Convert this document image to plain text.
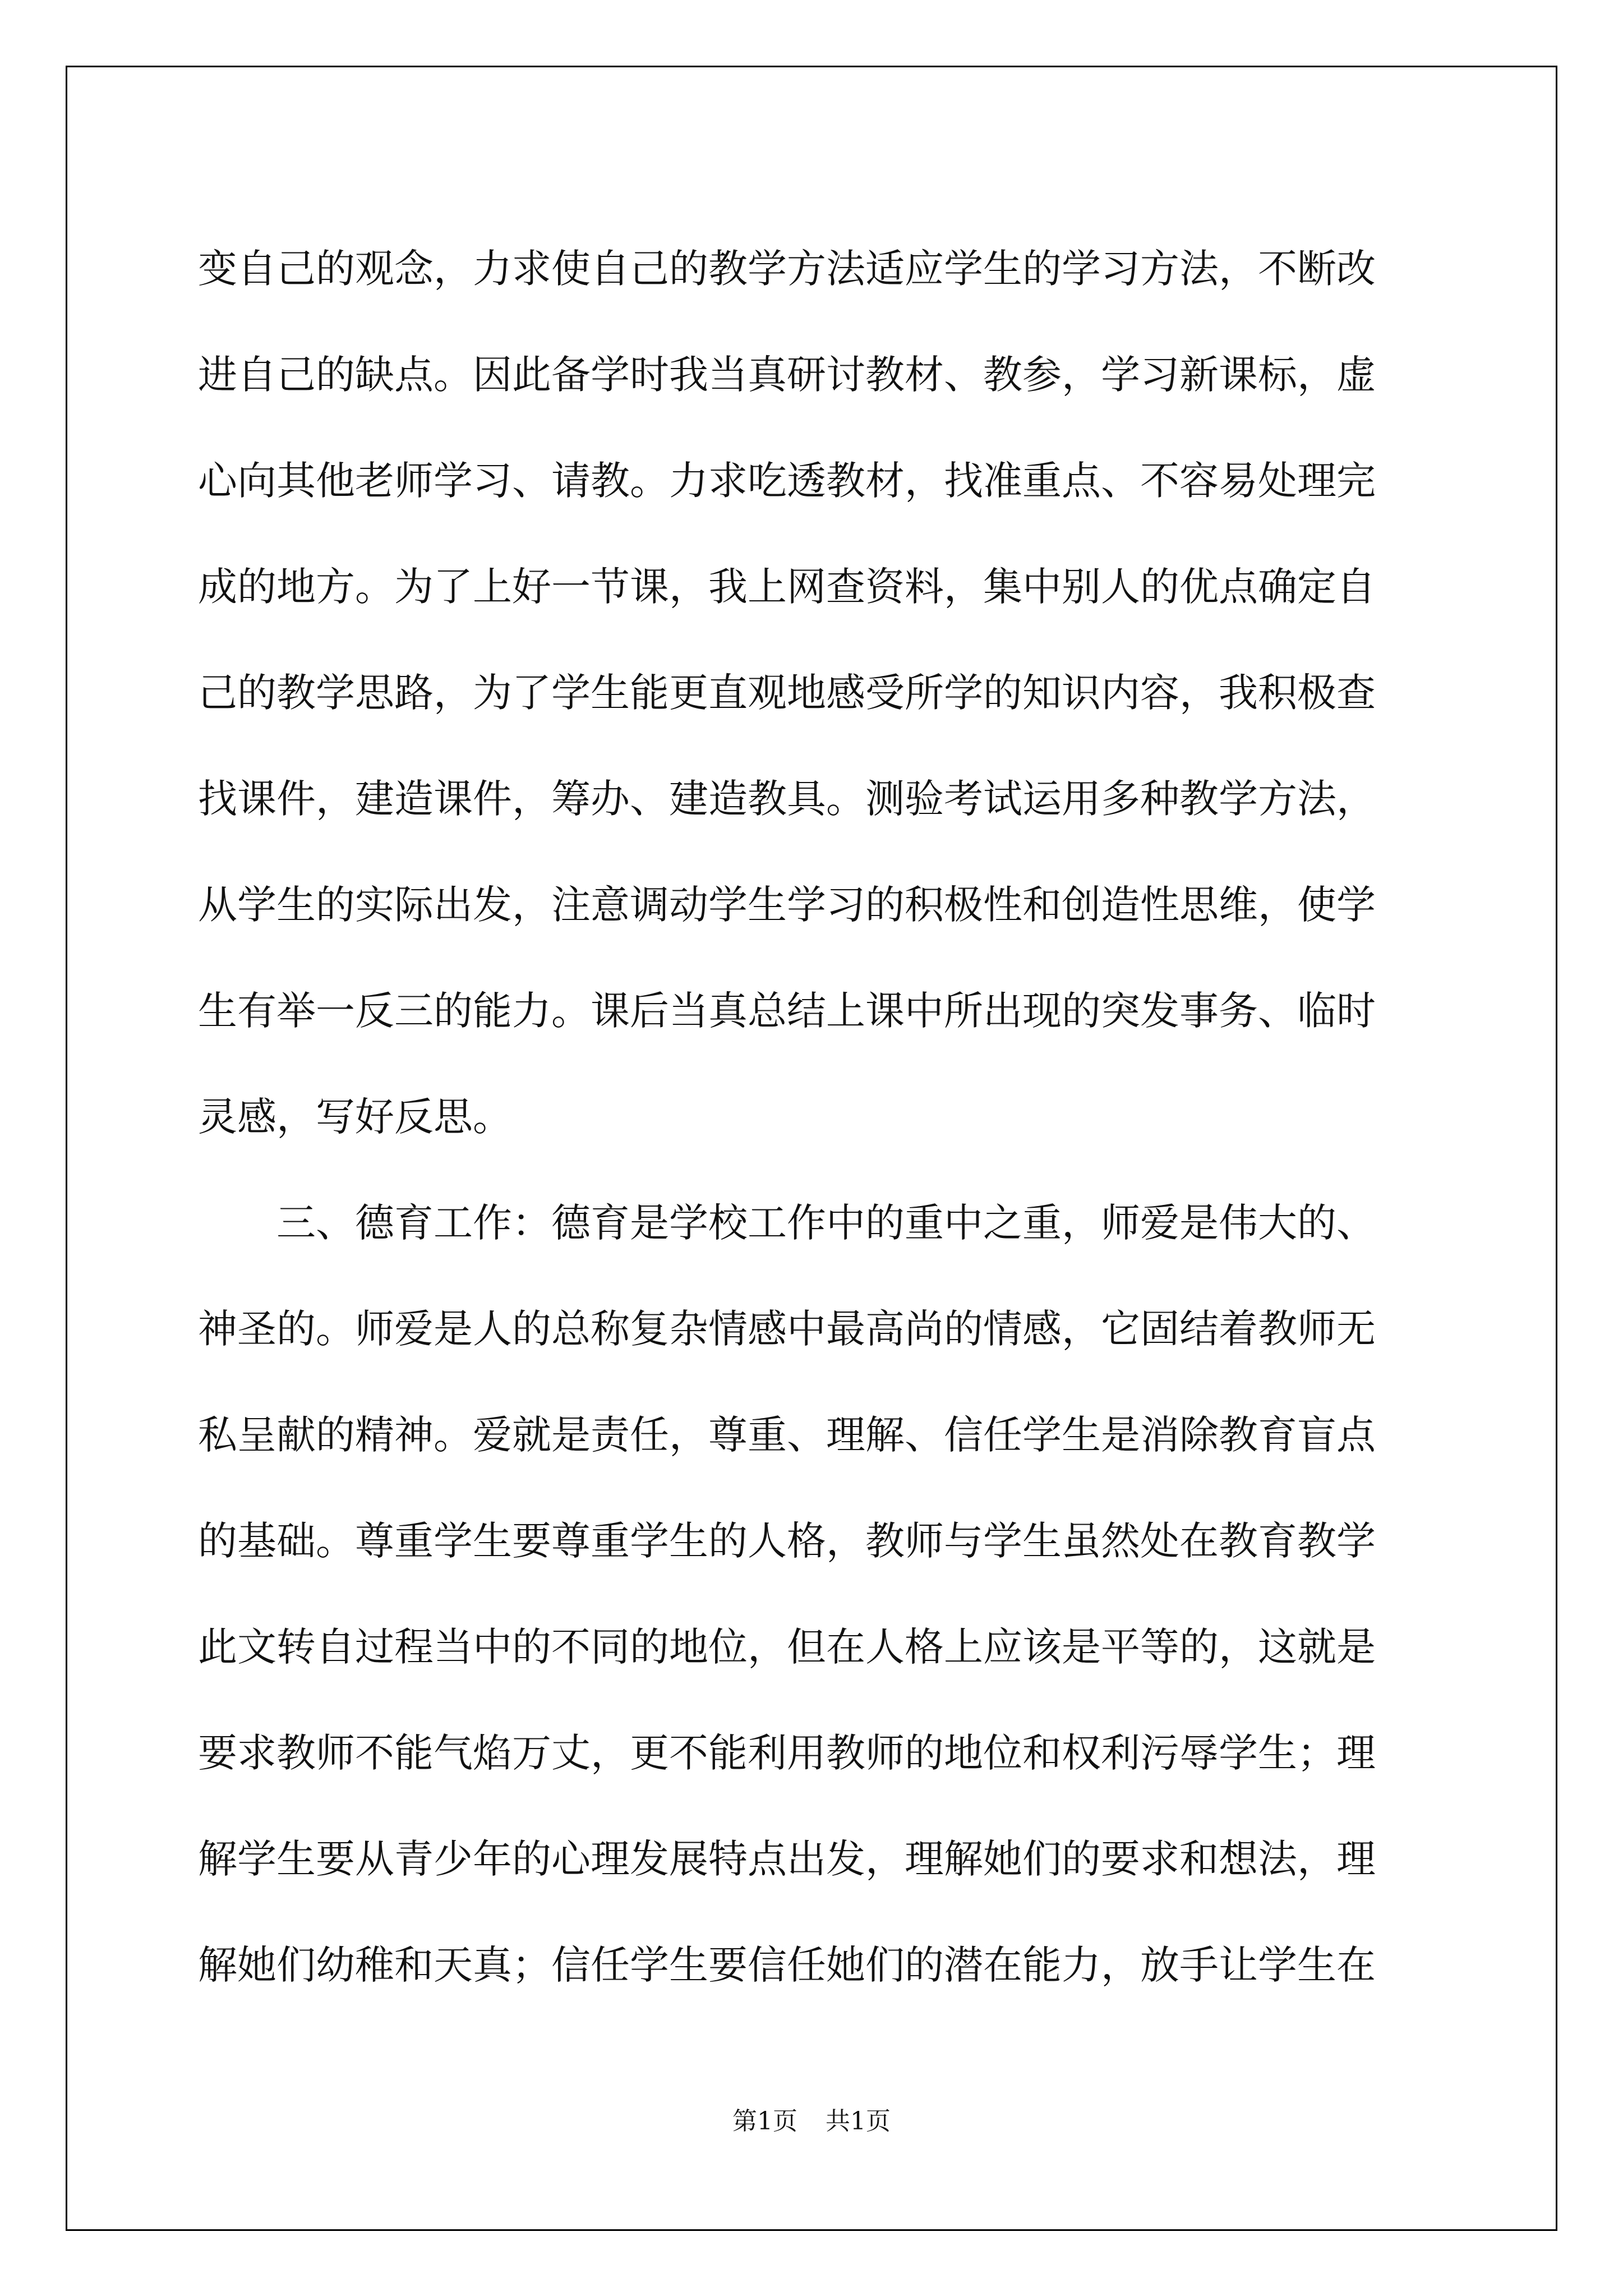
变自己的观念，力求使自己的教学方法适应学生的学习方法，不断改

进自己的缺点。因此备学时我当真研讨教材、教参，学习新课标，虚

心向其他老师学习、请教。力求吃透教材，找准重点、不容易处理完

成的地方。为了上好一节课，我上网查资料，集中别人的优点确定自

己的教学思路，为了学生能更直观地感受所学的知识内容，我积极查

找课件，建造课件，筹办、建造教具。测验考试运用多种教学方法，

从学生的实际出发，注意调动学生学习的积极性和创造性思维，使学

生有举一反三的能力。课后当真总结上课中所出现的突发事务、临时

灵感，写好反思。

三、德育工作：德育是学校工作中的重中之重，师爱是伟大的、

神圣的。师爱是人的总称复杂情感中最高尚的情感，它固结着教师无

私呈献的精神。爱就是责任，尊重、理解、信任学生是消除教育盲点

的基础。尊重学生要尊重学生的人格，教师与学生虽然处在教育教学

此文转自过程当中的不同的地位，但在人格上应该是平等的，这就是

要求教师不能气焰万丈，更不能利用教师的地位和权利污辱学生；理

解学生要从青少年的心理发展特点出发，理解她们的要求和想法，理

解她们幼稚和天真；信任学生要信任她们的潜在能力，放手让学生在

第1页 共1页
